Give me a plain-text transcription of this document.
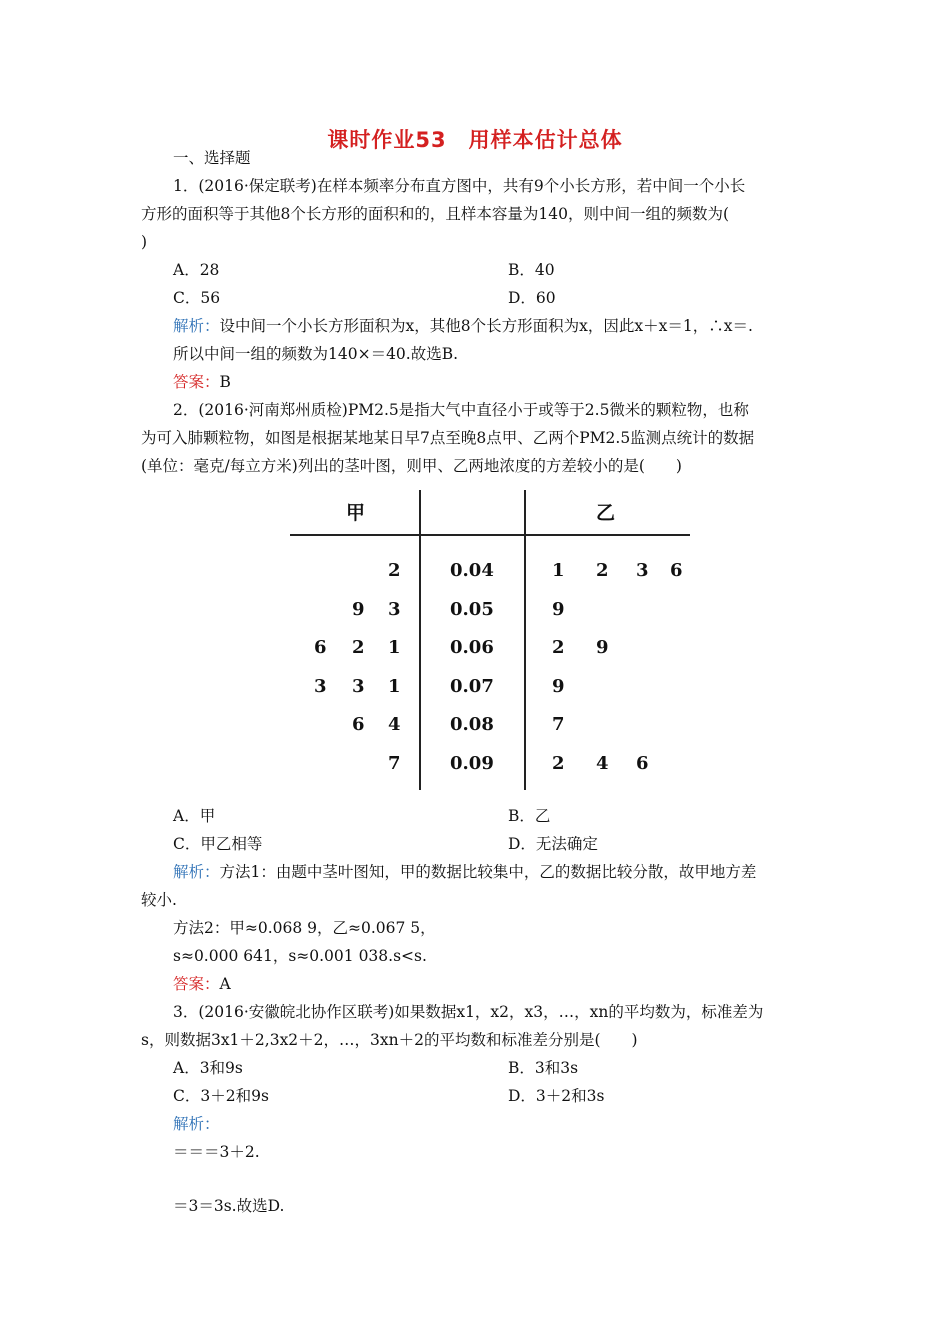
课时作业53　用样本估计总体
一、选择题
1．(2016·保定联考)在样本频率分布直方图中，共有9个小长方形，若中间一个小长
方形的面积等于其他8个长方形的面积和的，且样本容量为140，则中间一组的频数为(
)
A．28	B．40
C．56	D．60
解析：设中间一个小长方形面积为x，其他8个长方形面积为x，因此x＋x＝1，∴x＝.
所以中间一组的频数为140×＝40.故选B.
答案：B
2．(2016·河南郑州质检)PM2.5是指大气中直径小于或等于2.5微米的颗粒物，也称
为可入肺颗粒物，如图是根据某地某日早7点至晚8点甲、乙两个PM2.5监测点统计的数据
(单位：毫克/每立方米)列出的茎叶图，则甲、乙两地浓度的方差较小的是(　　)
甲	乙
2	0.04	1 2 3 6
9 3	0.05	9
6 2 1	0.06	2 9
3 3 1	0.07	9
6 4	0.08	7
7	0.09	2 4 6
A．甲	B．乙
C．甲乙相等	D．无法确定
解析：方法1：由题中茎叶图知，甲的数据比较集中，乙的数据比较分散，故甲地方差
较小.
方法2：甲≈0.068 9，乙≈0.067 5，
s≈0.000 641，s≈0.001 038.s<s.
答案：A
3．(2016·安徽皖北协作区联考)如果数据x1，x2，x3，…，xn的平均数为，标准差为
s，则数据3x1＋2,3x2＋2，…，3xn＋2的平均数和标准差分别是(　　)
A．3和9s	B．3和3s
C．3＋2和9s	D．3＋2和3s
解析：
＝＝＝3＋2.
＝3＝3s.故选D.
